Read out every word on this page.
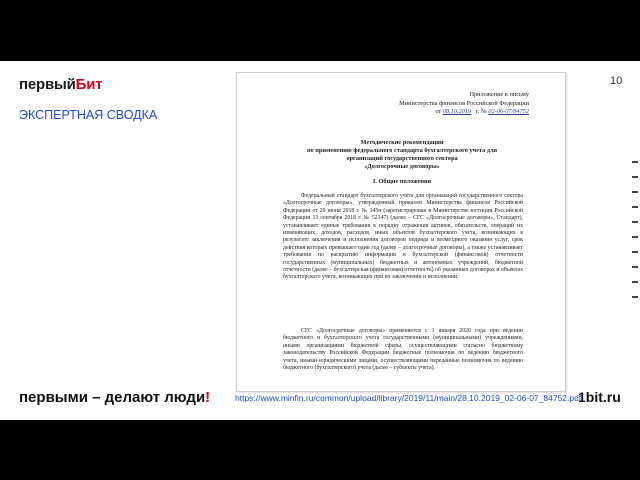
первыйБит
ЭКСПЕРТНАЯ СВОДКА
10
Приложение к письму
Министерства финансов Российской Федерации
от 08.10.2019 г. № 02-06-07/84752
Методические рекомендации
по применению федерального стандарта бухгалтерского учета для
организаций государственного сектора
«Долгосрочные договоры»
I. Общие положения
Федеральный стандарт бухгалтерского учета для организаций государственного сектора «Долгосрочные договоры», утвержденный приказом Министерства финансов Российской Федерации от 29 июня 2018 г. № 145н (зарегистрирован в Министерстве юстиции Российской Федерации 13 сентября 2018 г. № 52147) (далее – СГС «Долгосрочные договоры», Стандарт), устанавливает единые требования к порядку отражения активов, обязательств, операций их изменяющих, доходов, расходов, иных объектов бухгалтерского учета, возникающих в результате заключения и исполнения договоров подряда и возмездного оказания услуг, срок действия которых превышает один год (далее – долгосрочные договоры), а также устанавливает требования по раскрытию информации в бухгалтерской (финансовой) отчетности государственных (муниципальных) бюджетных и автономных учреждений, бюджетной отчетности (далее – бухгалтерская (финансовая) отчетность) об указанных договорах и объектах бухгалтерского учета, возникающих при их заключении и исполнении.
СГС «Долгосрочные договоры» применяется с 1 января 2020 года при ведении бюджетного и бухгалтерского учета государственными (муниципальными) учреждениями, иными организациями бюджетной сферы, осуществляющими согласно бюджетному законодательству Российской Федерации бюджетные полномочия по ведению бюджетного учета, иными юридическими лицами, осуществляющими переданные полномочия по ведению бюджетного (бухгалтерского) учета (далее – субъекты учета).
первыми – делают люди!	https://www.minfin.ru/common/upload/library/2019/11/main/28.10.2019_02-06-07_84752.pdf
1bit.ru
